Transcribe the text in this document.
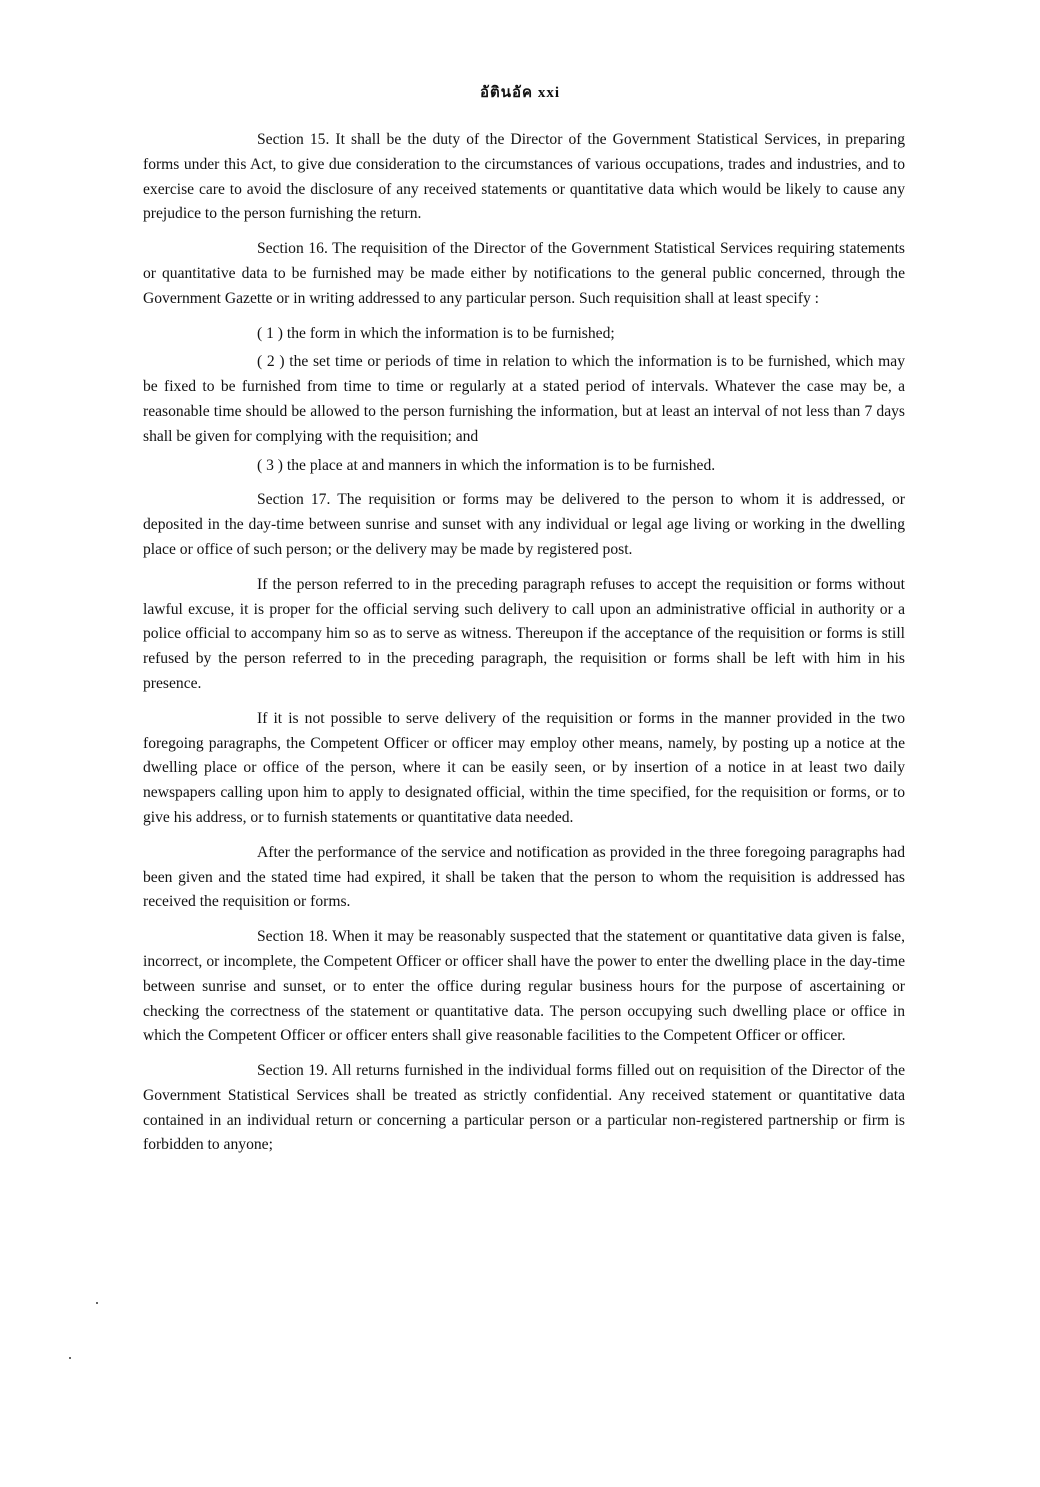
อัตินอัค xxi

Section 15. It shall be the duty of the Director of the Government Statistical Services, in preparing forms under this Act, to give due consideration to the circumstances of various occupations, trades and industries, and to exercise care to avoid the disclosure of any received statements or quantitative data which would be likely to cause any prejudice to the person furnishing the return.

Section 16. The requisition of the Director of the Government Statistical Services requiring statements or quantitative data to be furnished may be made either by notifications to the general public concerned, through the Government Gazette or in writing addressed to any particular person. Such requisition shall at least specify :

( 1 ) the form in which the information is to be furnished;

( 2 ) the set time or periods of time in relation to which the information is to be furnished, which may be fixed to be furnished from time to time or regularly at a stated period of intervals. Whatever the case may be, a reasonable time should be allowed to the person furnishing the information, but at least an interval of not less than 7 days shall be given for complying with the requisition; and

( 3 ) the place at and manners in which the information is to be furnished.

Section 17. The requisition or forms may be delivered to the person to whom it is addressed, or deposited in the day-time between sunrise and sunset with any individual or legal age living or working in the dwelling place or office of such person; or the delivery may be made by registered post.

If the person referred to in the preceding paragraph refuses to accept the requisition or forms without lawful excuse, it is proper for the official serving such delivery to call upon an administrative official in authority or a police official to accompany him so as to serve as witness. Thereupon if the acceptance of the requisition or forms is still refused by the person referred to in the preceding paragraph, the requisition or forms shall be left with him in his presence.

If it is not possible to serve delivery of the requisition or forms in the manner provided in the two foregoing paragraphs, the Competent Officer or officer may employ other means, namely, by posting up a notice at the dwelling place or office of the person, where it can be easily seen, or by insertion of a notice in at least two daily newspapers calling upon him to apply to designated official, within the time specified, for the requisition or forms, or to give his address, or to furnish statements or quantitative data needed.

After the performance of the service and notification as provided in the three foregoing paragraphs had been given and the stated time had expired, it shall be taken that the person to whom the requisition is addressed has received the requisition or forms.

Section 18. When it may be reasonably suspected that the statement or quantitative data given is false, incorrect, or incomplete, the Competent Officer or officer shall have the power to enter the dwelling place in the day-time between sunrise and sunset, or to enter the office during regular business hours for the purpose of ascertaining or checking the correctness of the statement or quantitative data. The person occupying such dwelling place or office in which the Competent Officer or officer enters shall give reasonable facilities to the Competent Officer or officer.

Section 19. All returns furnished in the individual forms filled out on requisition of the Director of the Government Statistical Services shall be treated as strictly confidential. Any received statement or quantitative data contained in an individual return or concerning a particular person or a particular non-registered partnership or firm is forbidden to anyone;
